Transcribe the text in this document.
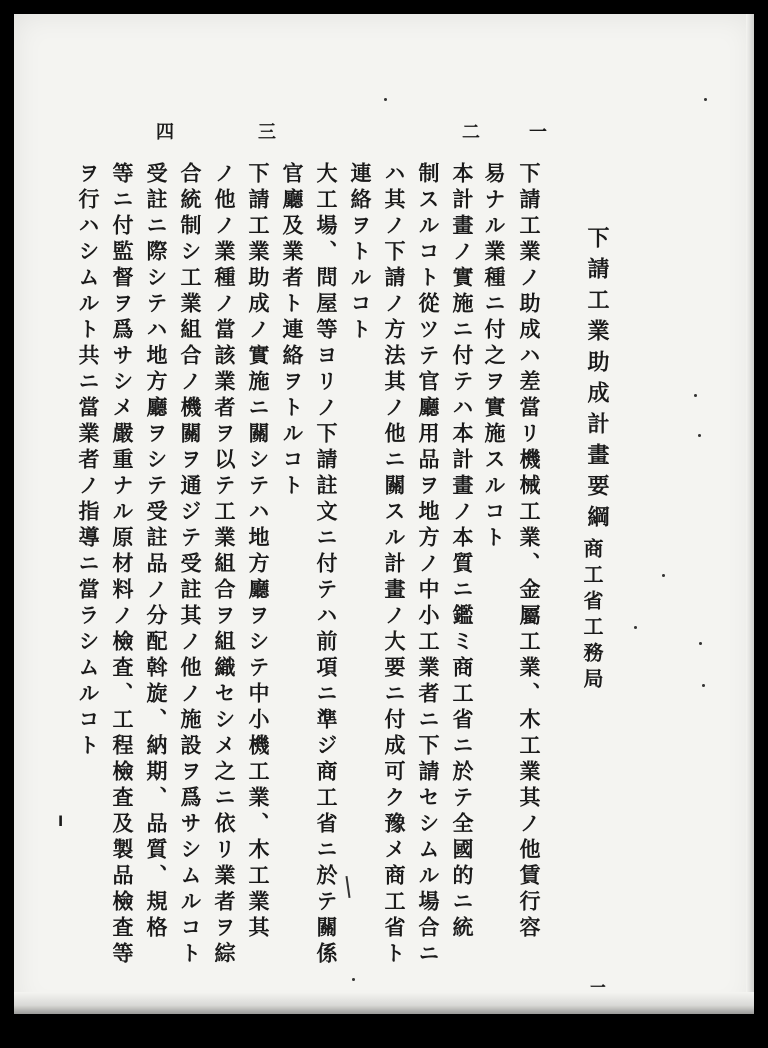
下請工業助成計畫要綱
商工省工務局
一
下請工業ノ助成ハ差當リ機械工業、金屬工業、木工業其ノ他賃行容
易ナル業種ニ付之ヲ實施スルコト
二
本計畫ノ實施ニ付テハ本計畫ノ本質ニ鑑ミ商工省ニ於テ全國的ニ統
制スルコト從ツテ官廳用品ヲ地方ノ中小工業者ニ下請セシムル場合ニ
ハ其ノ下請ノ方法其ノ他ニ關スル計畫ノ大要ニ付成可ク豫メ商工省ト
連絡ヲトルコト
大工場、問屋等ヨリノ下請註文ニ付テハ前項ニ準ジ商工省ニ於テ關係
官廳及業者ト連絡ヲトルコト
三
下請工業助成ノ實施ニ關シテハ地方廳ヲシテ中小機工業、木工業其
ノ他ノ業種ノ當該業者ヲ以テ工業組合ヲ組織セシメ之ニ依リ業者ヲ綜
合統制シ工業組合ノ機關ヲ通ジテ受註其ノ他ノ施設ヲ爲サシムルコト
四
受註ニ際シテハ地方廳ヲシテ受註品ノ分配斡旋、納期、品質、規格
等ニ付監督ヲ爲サシメ嚴重ナル原材料ノ檢査、工程檢査及製品檢査等
ヲ行ハシムルト共ニ當業者ノ指導ニ當ラシムルコト
I
